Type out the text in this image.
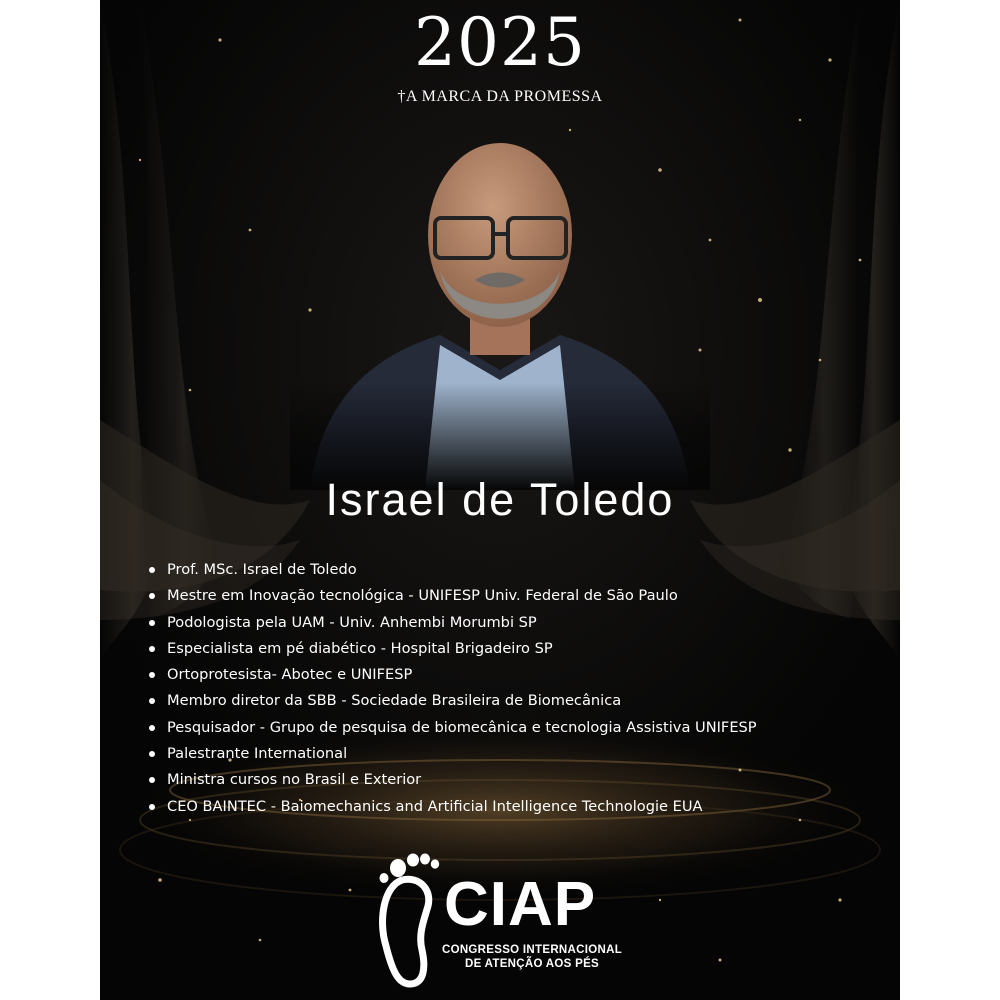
2025
†A MARCA DA PROMESSA
Israel de Toledo
Prof. MSc. Israel de Toledo
Mestre em Inovação tecnológica - UNIFESP Univ. Federal de São Paulo
Podologista pela UAM - Univ. Anhembi Morumbi SP
Especialista em pé diabético - Hospital Brigadeiro SP
Ortoprotesista- Abotec e UNIFESP
Membro diretor da SBB - Sociedade Brasileira de Biomecânica
Pesquisador - Grupo de pesquisa de biomecânica e tecnologia Assistiva UNIFESP
Palestrante International
Ministra cursos no Brasil e Exterior
CEO BAINTEC - Baiomechanics and Artificial Intelligence Technologie EUA
CIAP
CONGRESSO INTERNACIONAL
DE ATENÇÃO AOS PÉS
